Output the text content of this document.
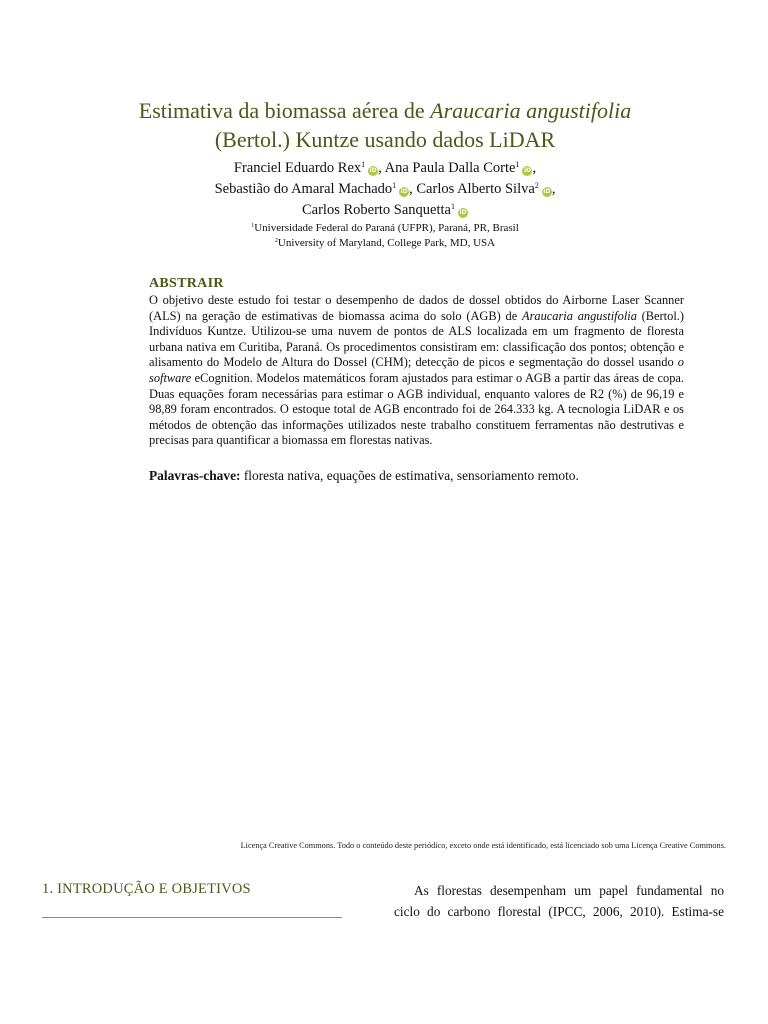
Estimativa da biomassa aérea de Araucaria angustifolia
(Bertol.) Kuntze usando dados LiDAR
Franciel Eduardo Rex$^1$iD, Ana Paula Dalla Corte$^1$iD,
Sebastião do Amaral Machado$^1$iD, Carlos Alberto Silva$^2$iD,
Carlos Roberto Sanquetta$^1$iD
$^1$Universidade Federal do Paraná (UFPR), Paraná, PR, Brasil
$^2$University of Maryland, College Park, MD, USA
ABSTRAIR
O objetivo deste estudo foi testar o desempenho de dados de dossel obtidos do Airborne Laser Scanner (ALS) na geração de estimativas de biomassa acima do solo (AGB) de Araucaria angustifolia (Bertol.) Indivíduos Kuntze. Utilizou-se uma nuvem de pontos de ALS localizada em um fragmento de floresta urbana nativa em Curitiba, Paraná. Os procedimentos consistiram em: classificação dos pontos; obtenção e alisamento do Modelo de Altura do Dossel (CHM); detecção de picos e segmentação do dossel usando o software eCognition. Modelos matemáticos foram ajustados para estimar o AGB a partir das áreas de copa. Duas equações foram necessárias para estimar o AGB individual, enquanto valores de R2 (%) de 96,19 e 98,89 foram encontrados. O estoque total de AGB encontrado foi de 264.333 kg. A tecnologia LiDAR e os métodos de obtenção das informações utilizados neste trabalho constituem ferramentas não destrutivas e precisas para quantificar a biomassa em florestas nativas.
Palavras-chave: floresta nativa, equações de estimativa, sensoriamento remoto.
Licença Creative Commons. Todo o conteúdo deste periódico, exceto onde está identificado, está licenciado sob uma Licença Creative Commons.
1. INTRODUÇÃO E OBJETIVOS	As florestas desempenham um papel fundamental no
ciclo do carbono florestal (IPCC, 2006, 2010). Estima-se
